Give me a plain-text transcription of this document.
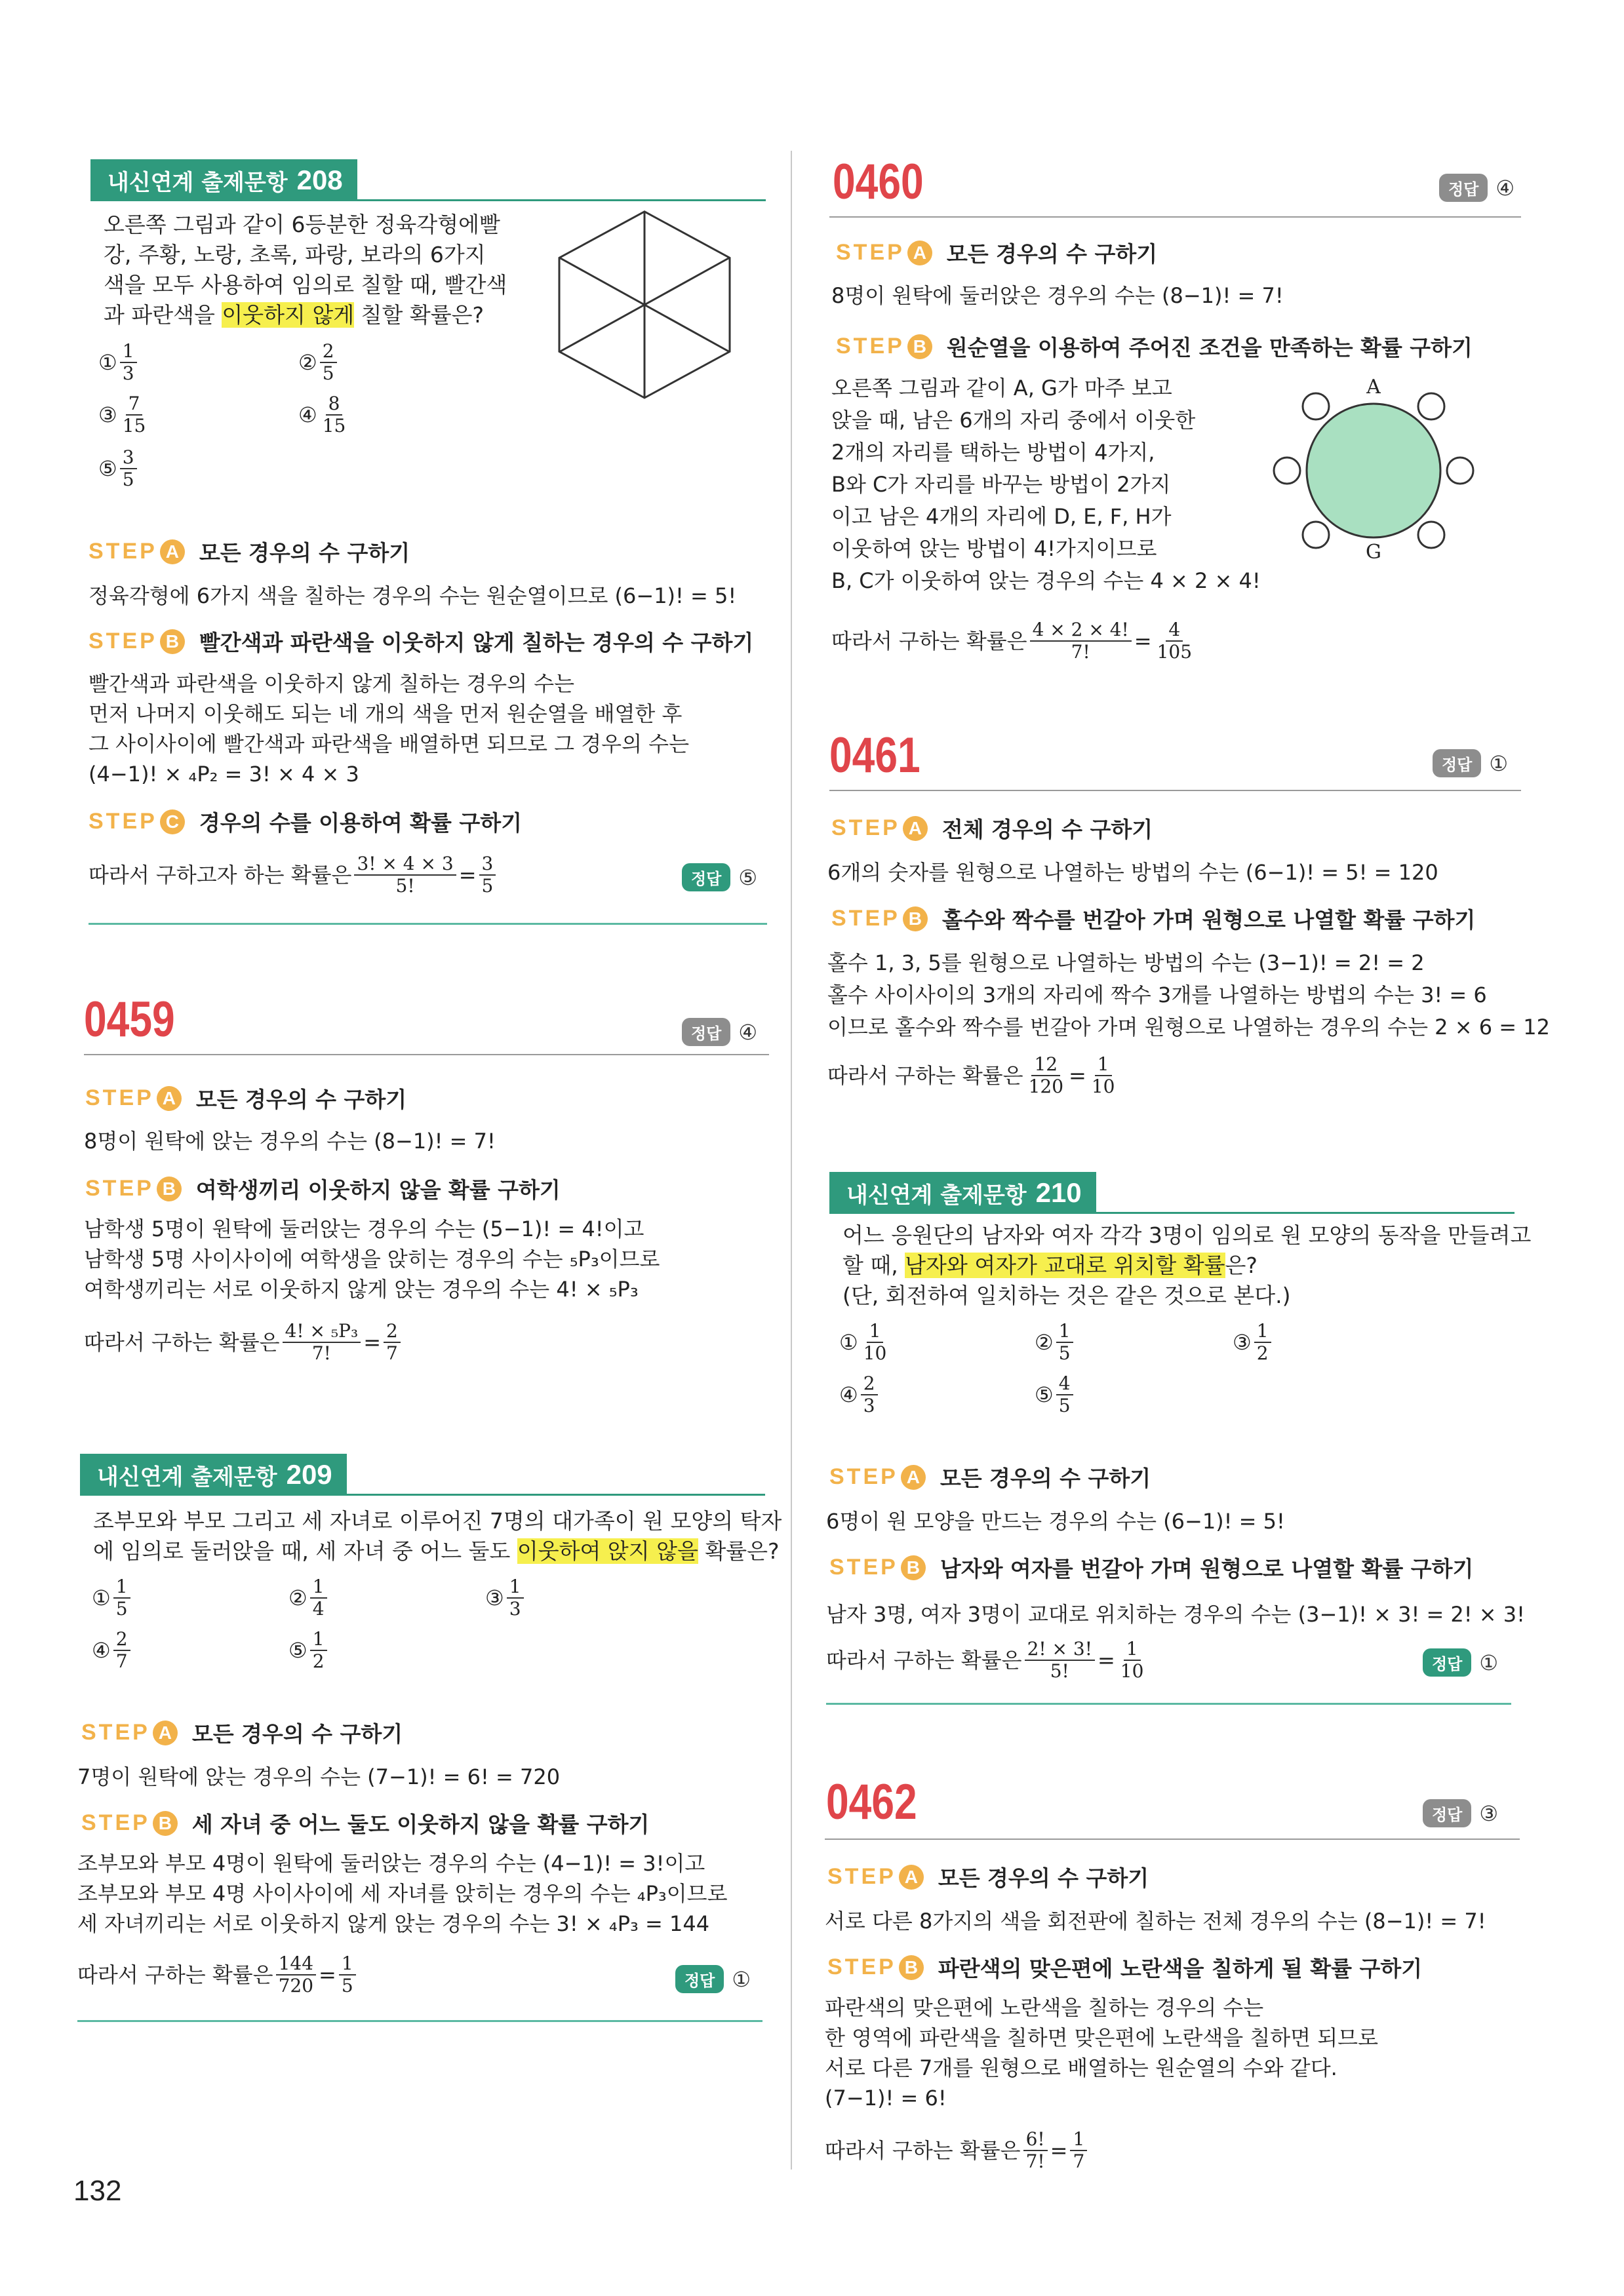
내신연계 출제문항 208
오른쪽 그림과 같이 6등분한 정육각형에빨
강, 주황, 노랑, 초록, 파랑, 보라의 6가지
색을 모두 사용하여 임의로 칠할 때, 빨간색
과 파란색을 이웃하지 않게 칠할 확률은?
① $\frac{1}{3}$	② $\frac{2}{5}$
③ $\frac{7}{15}$	④ $\frac{8}{15}$
⑤ $\frac{3}{5}$
STEP A 모든 경우의 수 구하기
정육각형에 6가지 색을 칠하는 경우의 수는 원순열이므로 (6−1)! = 5!
STEP B 빨간색과 파란색을 이웃하지 않게 칠하는 경우의 수 구하기
빨간색과 파란색을 이웃하지 않게 칠하는 경우의 수는
먼저 나머지 이웃해도 되는 네 개의 색을 먼저 원순열을 배열한 후
그 사이사이에 빨간색과 파란색을 배열하면 되므로 그 경우의 수는
(4−1)! × ₄P₂ = 3! × 4 × 3
STEP C 경우의 수를 이용하여 확률 구하기
따라서 구하고자 하는 확률은 $\frac{3! \times 4 \times 3}{5!} = \frac{3}{5}$	정답 ⑤
0459	정답 ④
STEP A 모든 경우의 수 구하기
8명이 원탁에 앉는 경우의 수는 (8−1)! = 7!
STEP B 여학생끼리 이웃하지 않을 확률 구하기
남학생 5명이 원탁에 둘러앉는 경우의 수는 (5−1)! = 4!이고
남학생 5명 사이사이에 여학생을 앉히는 경우의 수는 ₅P₃이므로
여학생끼리는 서로 이웃하지 않게 앉는 경우의 수는 4! × ₅P₃
따라서 구하는 확률은 $\frac{\text{4! × ₅P₃}}{7!} = \frac{2}{7}$
내신연계 출제문항 209
조부모와 부모 그리고 세 자녀로 이루어진 7명의 대가족이 원 모양의 탁자
에 임의로 둘러앉을 때, 세 자녀 중 어느 둘도 이웃하여 앉지 않을 확률은?
① $\frac{1}{5}$	② $\frac{1}{4}$	③ $\frac{1}{3}$
④ $\frac{2}{7}$	⑤ $\frac{1}{2}$
STEP A 모든 경우의 수 구하기
7명이 원탁에 앉는 경우의 수는 (7−1)! = 6! = 720
STEP B 세 자녀 중 어느 둘도 이웃하지 않을 확률 구하기
조부모와 부모 4명이 원탁에 둘러앉는 경우의 수는 (4−1)! = 3!이고
조부모와 부모 4명 사이사이에 세 자녀를 앉히는 경우의 수는 ₄P₃이므로
세 자녀끼리는 서로 이웃하지 않게 앉는 경우의 수는 3! × ₄P₃ = 144
따라서 구하는 확률은 $\frac{144}{720} = \frac{1}{5}$	정답 ①
132
0460	정답 ④
STEP A 모든 경우의 수 구하기
8명이 원탁에 둘러앉은 경우의 수는 (8−1)! = 7!
STEP B 원순열을 이용하여 주어진 조건을 만족하는 확률 구하기
오른쪽 그림과 같이 A, G가 마주 보고
앉을 때, 남은 6개의 자리 중에서 이웃한
2개의 자리를 택하는 방법이 4가지,
B와 C가 자리를 바꾸는 방법이 2가지
이고 남은 4개의 자리에 D, E, F, H가
이웃하여 앉는 방법이 4!가지이므로
B, C가 이웃하여 앉는 경우의 수는 4 × 2 × 4!
A
G
따라서 구하는 확률은 $\frac{4 \times 2 \times 4!}{7!} = \frac{4}{105}$
0461	정답 ①
STEP A 전체 경우의 수 구하기
6개의 숫자를 원형으로 나열하는 방법의 수는 (6−1)! = 5! = 120
STEP B 홀수와 짝수를 번갈아 가며 원형으로 나열할 확률 구하기
홀수 1, 3, 5를 원형으로 나열하는 방법의 수는 (3−1)! = 2! = 2
홀수 사이사이의 3개의 자리에 짝수 3개를 나열하는 방법의 수는 3! = 6
이므로 홀수와 짝수를 번갈아 가며 원형으로 나열하는 경우의 수는 2 × 6 = 12
따라서 구하는 확률은 $\frac{12}{120} = \frac{1}{10}$
내신연계 출제문항 210
어느 응원단의 남자와 여자 각각 3명이 임의로 원 모양의 동작을 만들려고
할 때, 남자와 여자가 교대로 위치할 확률은?
(단, 회전하여 일치하는 것은 같은 것으로 본다.)
① $\frac{1}{10}$	② $\frac{1}{5}$	③ $\frac{1}{2}$
④ $\frac{2}{3}$	⑤ $\frac{4}{5}$
STEP A 모든 경우의 수 구하기
6명이 원 모양을 만드는 경우의 수는 (6−1)! = 5!
STEP B 남자와 여자를 번갈아 가며 원형으로 나열할 확률 구하기
남자 3명, 여자 3명이 교대로 위치하는 경우의 수는 (3−1)! × 3! = 2! × 3!
따라서 구하는 확률은 $\frac{2! \times 3!}{5!} = \frac{1}{10}$	정답 ①
0462	정답 ③
STEP A 모든 경우의 수 구하기
서로 다른 8가지의 색을 회전판에 칠하는 전체 경우의 수는 (8−1)! = 7!
STEP B 파란색의 맞은편에 노란색을 칠하게 될 확률 구하기
파란색의 맞은편에 노란색을 칠하는 경우의 수는
한 영역에 파란색을 칠하면 맞은편에 노란색을 칠하면 되므로
서로 다른 7개를 원형으로 배열하는 원순열의 수와 같다.
(7−1)! = 6!
따라서 구하는 확률은 $\frac{6!}{7!} = \frac{1}{7}$
